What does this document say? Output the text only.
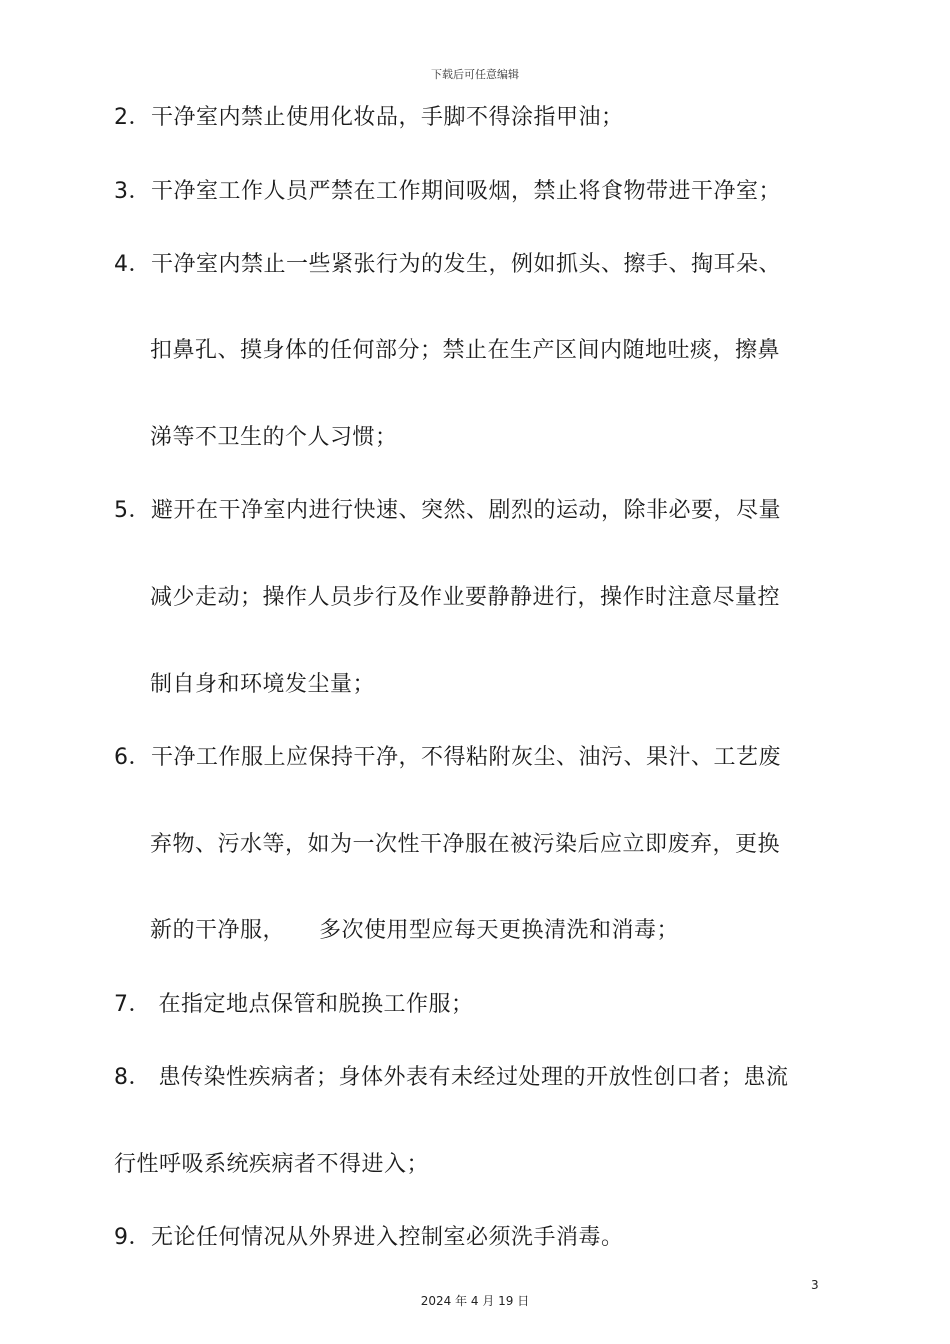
下载后可任意编辑
2．干净室内禁止使用化妆品，手脚不得涂指甲油；
3．干净室工作人员严禁在工作期间吸烟，禁止将食物带进干净室；
4．干净室内禁止一些紧张行为的发生，例如抓头、擦手、掏耳朵、
扣鼻孔、摸身体的任何部分；禁止在生产区间内随地吐痰，擦鼻
涕等不卫生的个人习惯；
5．避开在干净室内进行快速、突然、剧烈的运动，除非必要，尽量
减少走动；操作人员步行及作业要静静进行，操作时注意尽量控
制自身和环境发尘量；
6．干净工作服上应保持干净，不得粘附灰尘、油污、果汁、工艺废
弃物、污水等，如为一次性干净服在被污染后应立即废弃，更换
新的干净服，　　多次使用型应每天更换清洗和消毒；
7． 在指定地点保管和脱换工作服；
8． 患传染性疾病者；身体外表有未经过处理的开放性创口者；患流
行性呼吸系统疾病者不得进入；
9．无论任何情况从外界进入控制室必须洗手消毒。
3
2024 年 4 月 19 日
